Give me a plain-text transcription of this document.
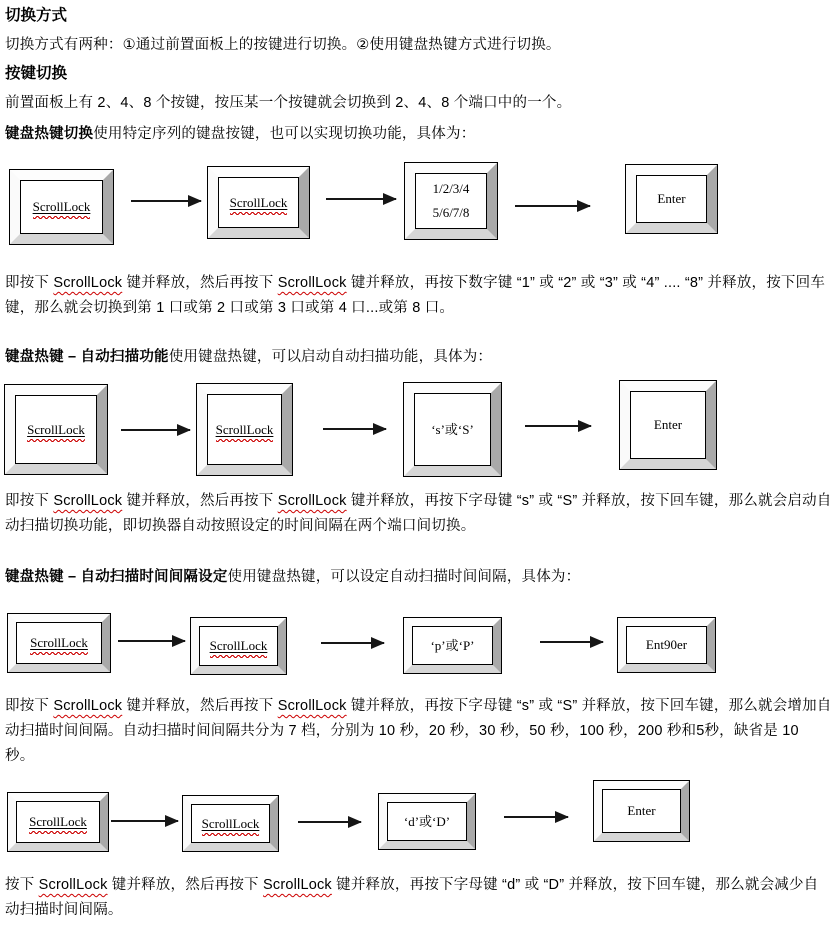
切换方式
切换方式有两种：①通过前置面板上的按键进行切换。②使用键盘热键方式进行切换。
按键切换
前置面板上有 2、4、8 个按键，按压某一个按键就会切换到 2、4、8 个端口中的一个。
键盘热键切换使用特定序列的键盘按键，也可以实现切换功能，具体为：
ScrollLock	ScrollLock
1/2/3/4
5/6/7/8
Enter
即按下 ScrollLock 键并释放，然后再按下 ScrollLock 键并释放，再按下数字键 “1” 或 “2” 或 “3” 或 “4” .... “8” 并释放，按下回车键，那么就会切换到第 1 口或第 2 口或第 3 口或第 4 口...或第 8 口。
键盘热键 – 自动扫描功能使用键盘热键，可以启动自动扫描功能，具体为：
ScrollLock	ScrollLock	‘s’或‘S’	Enter
即按下 ScrollLock 键并释放，然后再按下 ScrollLock 键并释放，再按下字母键 “s” 或 “S” 并释放，按下回车键，那么就会启动自动扫描切换功能，即切换器自动按照设定的时间间隔在两个端口间切换。
键盘热键 – 自动扫描时间间隔设定使用键盘热键，可以设定自动扫描时间间隔，具体为：
ScrollLock	ScrollLock	‘p’或‘P’	Ent90er
即按下 ScrollLock 键并释放，然后再按下 ScrollLock 键并释放，再按下字母键 “s” 或 “S” 并释放，按下回车键，那么就会增加自动扫描时间间隔。自动扫描时间间隔共分为 7 档，分别为 10 秒，20 秒，30 秒，50 秒，100 秒，200 秒和5秒，缺省是 10 秒。
ScrollLock	ScrollLock	‘d’或‘D’
Enter
按下 ScrollLock 键并释放，然后再按下 ScrollLock 键并释放，再按下字母键 “d” 或 “D” 并释放，按下回车键，那么就会减少自动扫描时间间隔。
